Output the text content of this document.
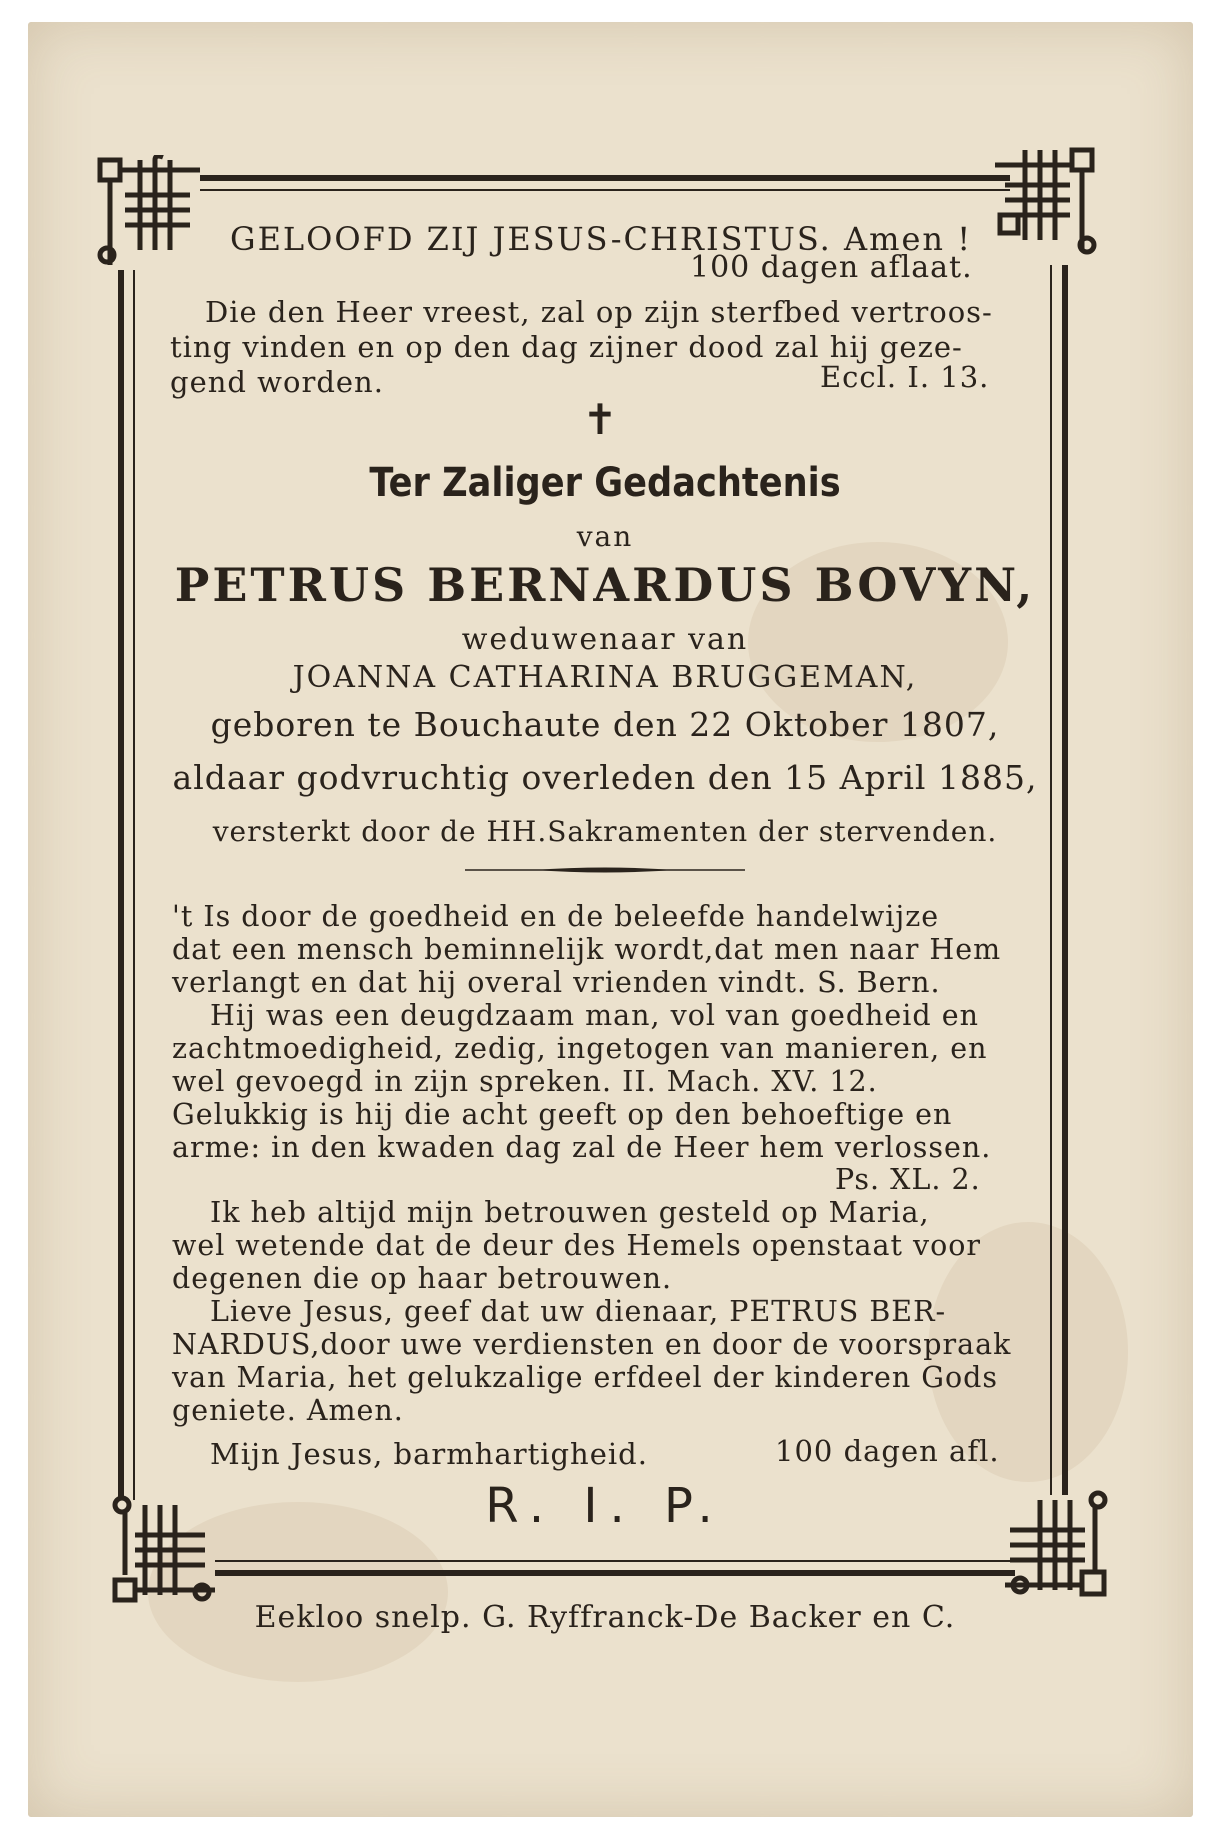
GELOOFD ZIJ JESUS-CHRISTUS. Amen !
100 dagen aflaat.
Die den Heer vreest, zal op zijn sterfbed vertroos-
ting vinden en op den dag zijner dood zal hij geze-
gend worden.	Eccl. I. 13.
✝
Ter Zaliger Gedachtenis
van
PETRUS BERNARDUS BOVYN,
weduwenaar van
JOANNA CATHARINA BRUGGEMAN,
geboren te Bouchaute den 22 Oktober 1807,
aldaar godvruchtig overleden den 15 April 1885,
versterkt door de HH.Sakramenten der stervenden.
't Is door de goedheid en de beleefde handelwijze
dat een mensch beminnelijk wordt,dat men naar Hem
verlangt en dat hij overal vrienden vindt. S. Bern.
Hij was een deugdzaam man, vol van goedheid en
zachtmoedigheid, zedig, ingetogen van manieren, en
wel gevoegd in zijn spreken. II. Mach. XV. 12.
Gelukkig is hij die acht geeft op den behoeftige en
arme: in den kwaden dag zal de Heer hem verlossen.
Ps. XL. 2.
Ik heb altijd mijn betrouwen gesteld op Maria,
wel wetende dat de deur des Hemels openstaat voor
degenen die op haar betrouwen.
Lieve Jesus, geef dat uw dienaar, PETRUS BER-
NARDUS,door uwe verdiensten en door de voorspraak
van Maria, het gelukzalige erfdeel der kinderen Gods
geniete. Amen.
Mijn Jesus, barmhartigheid.	100 dagen afl.
R. I. P.
Eekloo snelp. G. Ryffranck-De Backer en C.
